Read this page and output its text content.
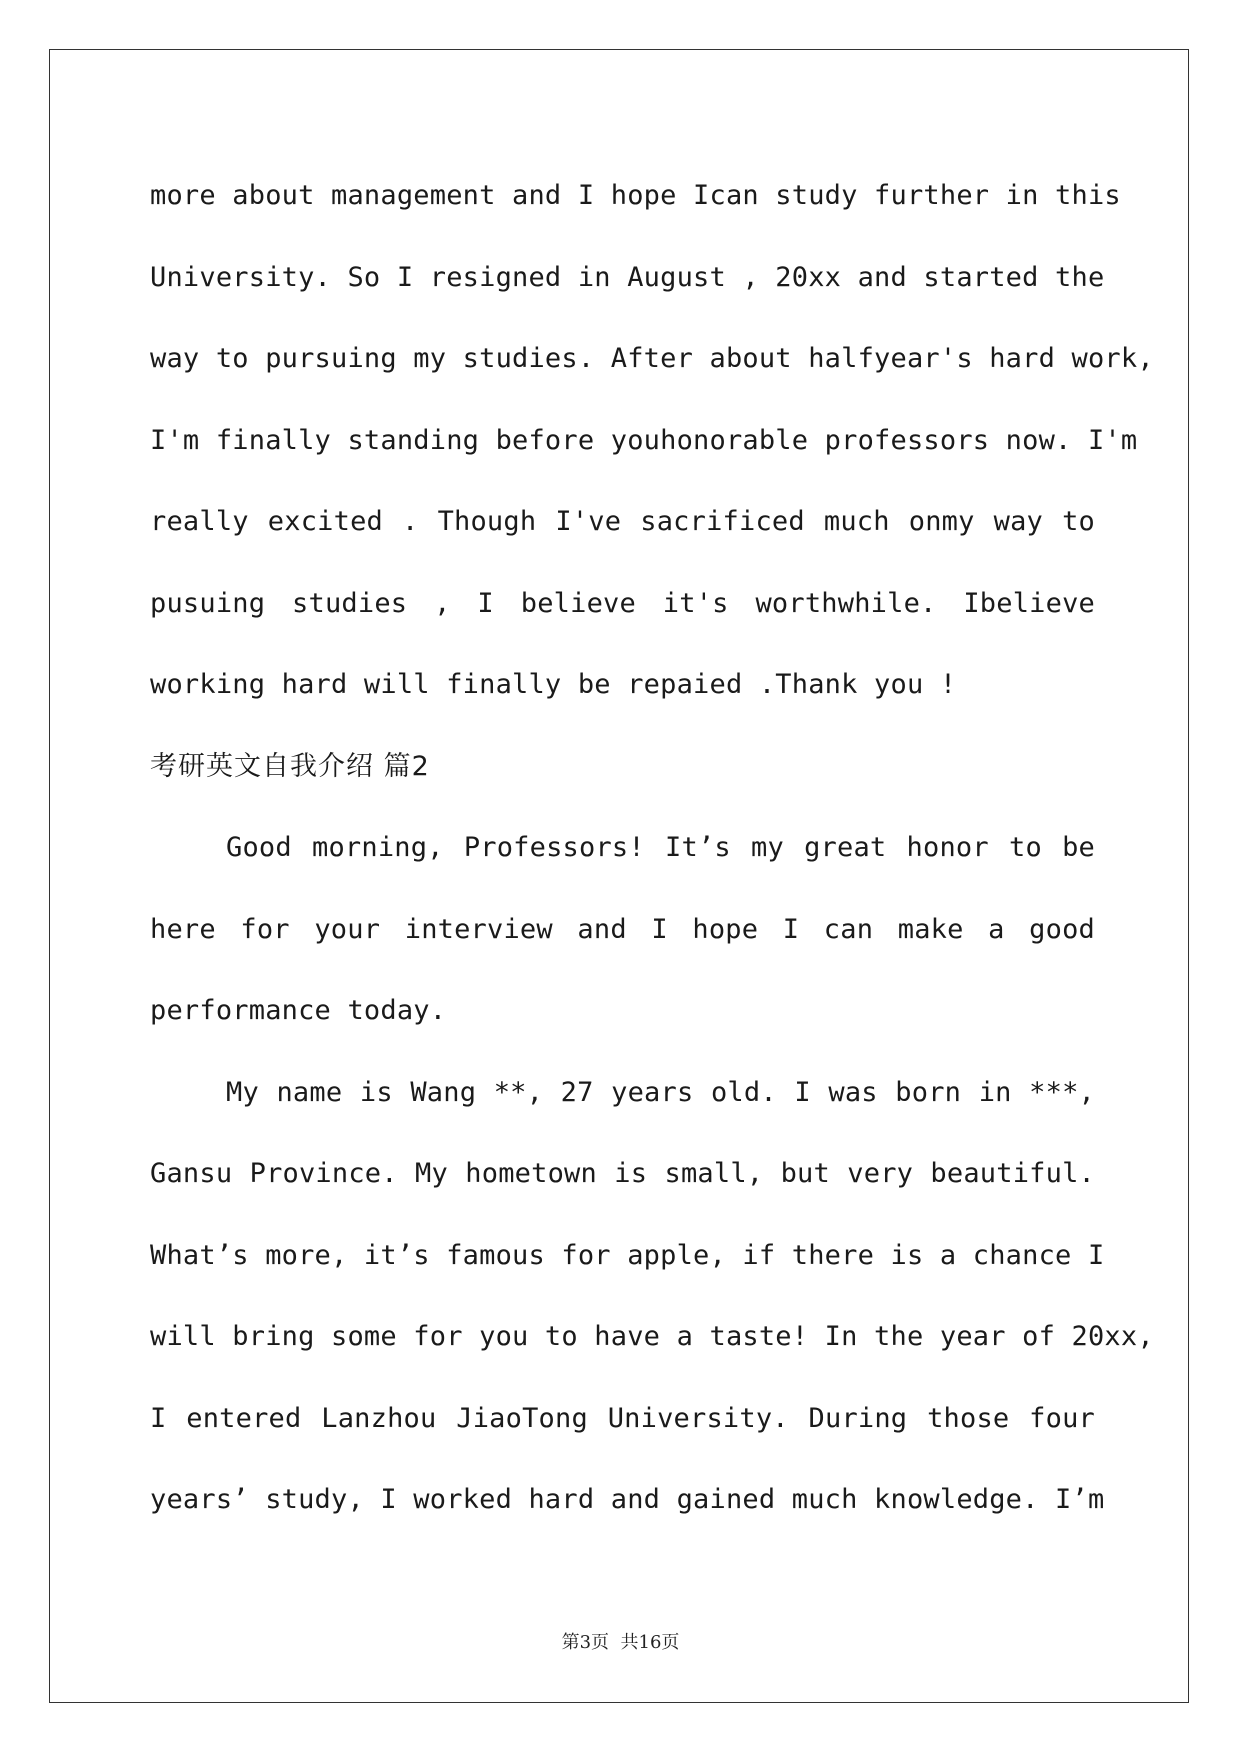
more about management and I hope Ican study further in this
University. So I resigned in August , 20xx and started the
way to pursuing my studies. After about halfyear's hard work,
I'm finally standing before youhonorable professors now. I'm
really excited . Though I've sacrificed much onmy way to
pusuing studies , I believe it's worthwhile. Ibelieve
working hard will finally be repaied .Thank you !
考研英文自我介绍 篇2
Good morning, Professors! It’s my great honor to be
here for your interview and I hope I can make a good
performance today.
My name is Wang **, 27 years old. I was born in ***,
Gansu Province. My hometown is small, but very beautiful.
What’s more, it’s famous for apple, if there is a chance I
will bring some for you to have a taste! In the year of 20xx,
I entered Lanzhou JiaoTong University. During those four
years’ study, I worked hard and gained much knowledge. I’m
第3页  共16页
